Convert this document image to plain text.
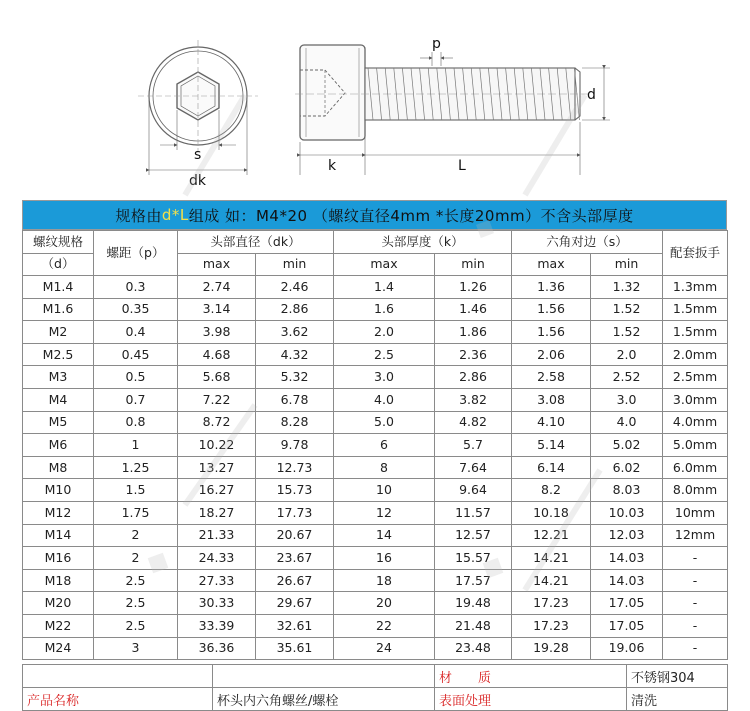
s
dk
p
d
k	L
规格由 d*L 组成 如：M4*20 （螺纹直径4mm *长度20mm）不含头部厚度
螺纹规格	螺距（p）	头部直径（dk）		头部厚度（k）		六角对边（s）		配套扳手
（d）		max	min	max	min	max	min	
M1.4	0.3	2.74	2.46	1.4	1.26	1.36	1.32	1.3mm
M1.6	0.35	3.14	2.86	1.6	1.46	1.56	1.52	1.5mm
M2	0.4	3.98	3.62	2.0	1.86	1.56	1.52	1.5mm
M2.5	0.45	4.68	4.32	2.5	2.36	2.06	2.0	2.0mm
M3	0.5	5.68	5.32	3.0	2.86	2.58	2.52	2.5mm
M4	0.7	7.22	6.78	4.0	3.82	3.08	3.0	3.0mm
M5	0.8	8.72	8.28	5.0	4.82	4.10	4.0	4.0mm
M6	1	10.22	9.78	6	5.7	5.14	5.02	5.0mm
M8	1.25	13.27	12.73	8	7.64	6.14	6.02	6.0mm
M10	1.5	16.27	15.73	10	9.64	8.2	8.03	8.0mm
M12	1.75	18.27	17.73	12	11.57	10.18	10.03	10mm
M14	2	21.33	20.67	14	12.57	12.21	12.03	12mm
M16	2	24.33	23.67	16	15.57	14.21	14.03	-
M18	2.5	27.33	26.67	18	17.57	14.21	14.03	-
M20	2.5	30.33	29.67	20	19.48	17.23	17.05	-
M22	2.5	33.39	32.61	22	21.48	17.23	17.05	-
M24	3	36.36	35.61	24	23.48	19.28	19.06	-
		材　　质	不锈钢304
产品名称	杯头内六角螺丝/螺栓	表面处理	清洗
